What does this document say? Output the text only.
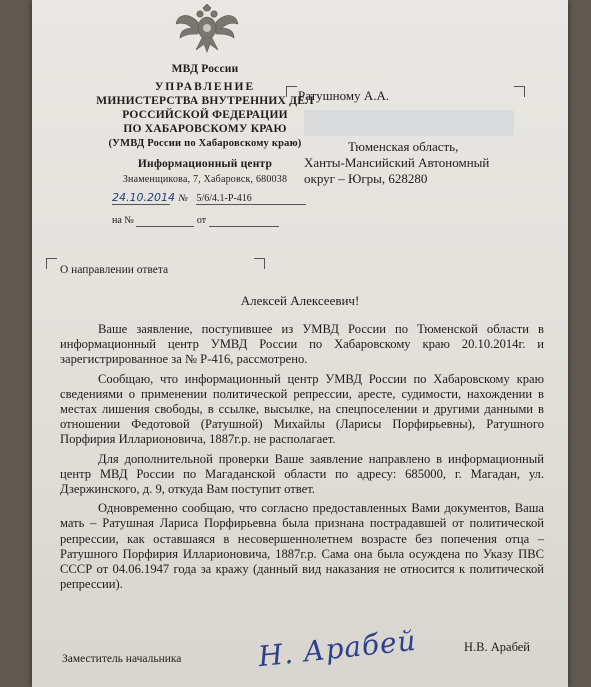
МВД России
УПРАВЛЕНИЕ
МИНИСТЕРСТВА ВНУТРЕННИХ ДЕЛ
РОССИЙСКОЙ ФЕДЕРАЦИИ
ПО ХАБАРОВСКОМУ КРАЮ
(УМВД России по Хабаровскому краю)
Информационный центр
Знаменщикова, 7, Хабаровск, 680038
24.10.2014 № 5/6/4.1-Р-416
на №	от
Ратушному А.А.
Тюменская область,
Ханты-Мансийский Автономный
округ – Югры, 628280
О направлении ответа
Алексей Алексеевич!

Ваше заявление, поступившее из УМВД России по Тюменской области в информационный центр УМВД России по Хабаровскому краю 20.10.2014г. и зарегистрированное за № Р-416, рассмотрено.

Сообщаю, что информационный центр УМВД России по Хабаровскому краю сведениями о применении политической репрессии, аресте, судимости, нахождении в местах лишения свободы, в ссылке, высылке, на спецпоселении и другими данными в отношении Федотовой (Ратушной) Михайлы (Ларисы Порфирьевны), Ратушного Порфирия Илларионовича, 1887г.р. не располагает.

Для дополнительной проверки Ваше заявление направлено в информационный центр МВД России по Магаданской области по адресу: 685000, г. Магадан, ул. Дзержинского, д. 9, откуда Вам поступит ответ.

Одновременно сообщаю, что согласно предоставленных Вами документов, Ваша мать – Ратушная Лариса Порфирьевна была признана пострадавшей от политической репрессии, как оставшаяся в несовершеннолетнем возрасте без попечения отца – Ратушного Порфирия Илларионовича, 1887г.р. Сама она была осуждена по Указу ПВС СССР от 04.06.1947 года за кражу (данный вид наказания не относится к политической репрессии).

Заместитель начальника	Н. Арабей	Н.В. Арабей
